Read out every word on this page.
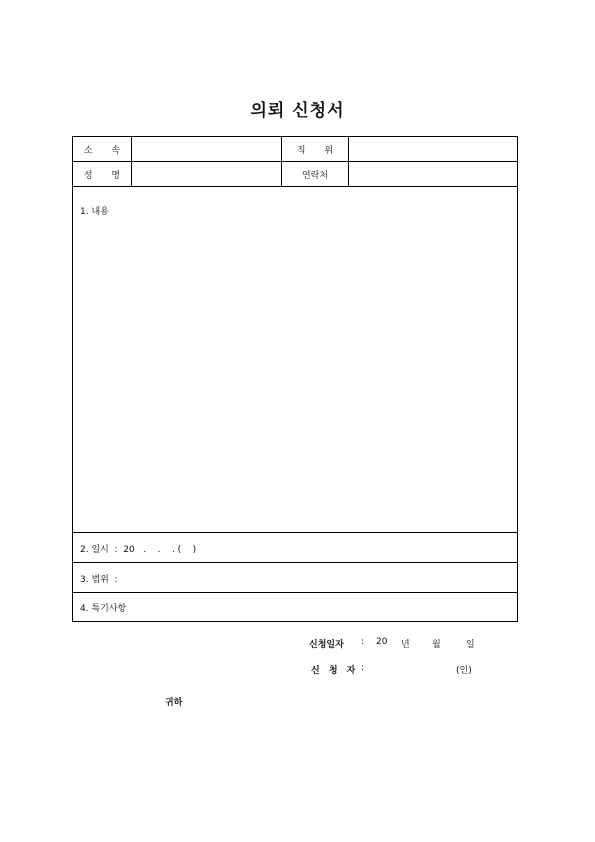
의뢰 신청서
소 속	직 위
성 명	연락처
1. 내용
2. 일시  :  20   .    .    . (    )
3. 범위  :
4. 특기사항
신청일자 : 20 년 월	일
신 청 자 :	(인)
귀하
